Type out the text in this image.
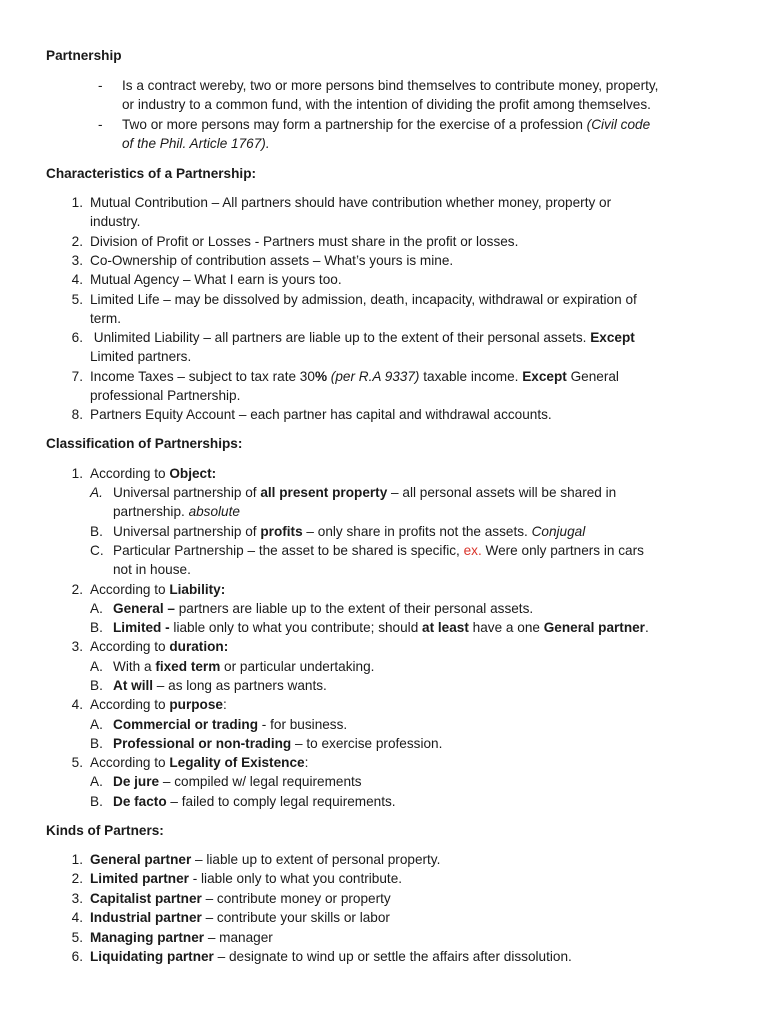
Partnership
- Is a contract wereby, two or more persons bind themselves to contribute money, property,
or industry to a common fund, with the intention of dividing the profit among themselves.
- Two or more persons may form a partnership for the exercise of a profession (Civil code
of the Phil. Article 1767).
Characteristics of a Partnership:
1. Mutual Contribution – All partners should have contribution whether money, property or
industry.
2. Division of Profit or Losses - Partners must share in the profit or losses.
3. Co-Ownership of contribution assets – What’s yours is mine.
4. Mutual Agency – What I earn is yours too.
5. Limited Life – may be dissolved by admission, death, incapacity, withdrawal or expiration of
term.
6. Unlimited Liability – all partners are liable up to the extent of their personal assets. Except
Limited partners.
7. Income Taxes – subject to tax rate 30% (per R.A 9337) taxable income. Except General
professional Partnership.
8. Partners Equity Account – each partner has capital and withdrawal accounts.
Classification of Partnerships:

1.

According to Object:

A.

Universal partnership of all present property – all personal assets will be shared in

partnership. absolute

B.

Universal partnership of profits – only share in profits not the assets. Conjugal

C.

Particular Partnership – the asset to be shared is specific, ex. Were only partners in cars

not in house.

2.

According to Liability:

A.

General – partners are liable up to the extent of their personal assets.

B.

Limited - liable only to what you contribute; should at least have a one General partner.

3.

According to duration:

A.

With a fixed term or particular undertaking.

B.

At will – as long as partners wants.

4.

According to purpose:

A.

Commercial or trading - for business.

B.

Professional or non-trading – to exercise profession.

5.

According to Legality of Existence:

A.

De jure – compiled w/ legal requirements

B.

De facto – failed to comply legal requirements.

Kinds of Partners:

1.

General partner – liable up to extent of personal property.

2.

Limited partner - liable only to what you contribute.

3.

Capitalist partner – contribute money or property

4.

Industrial partner – contribute your skills or labor

5.

Managing partner – manager

6.

Liquidating partner – designate to wind up or settle the affairs after dissolution.
